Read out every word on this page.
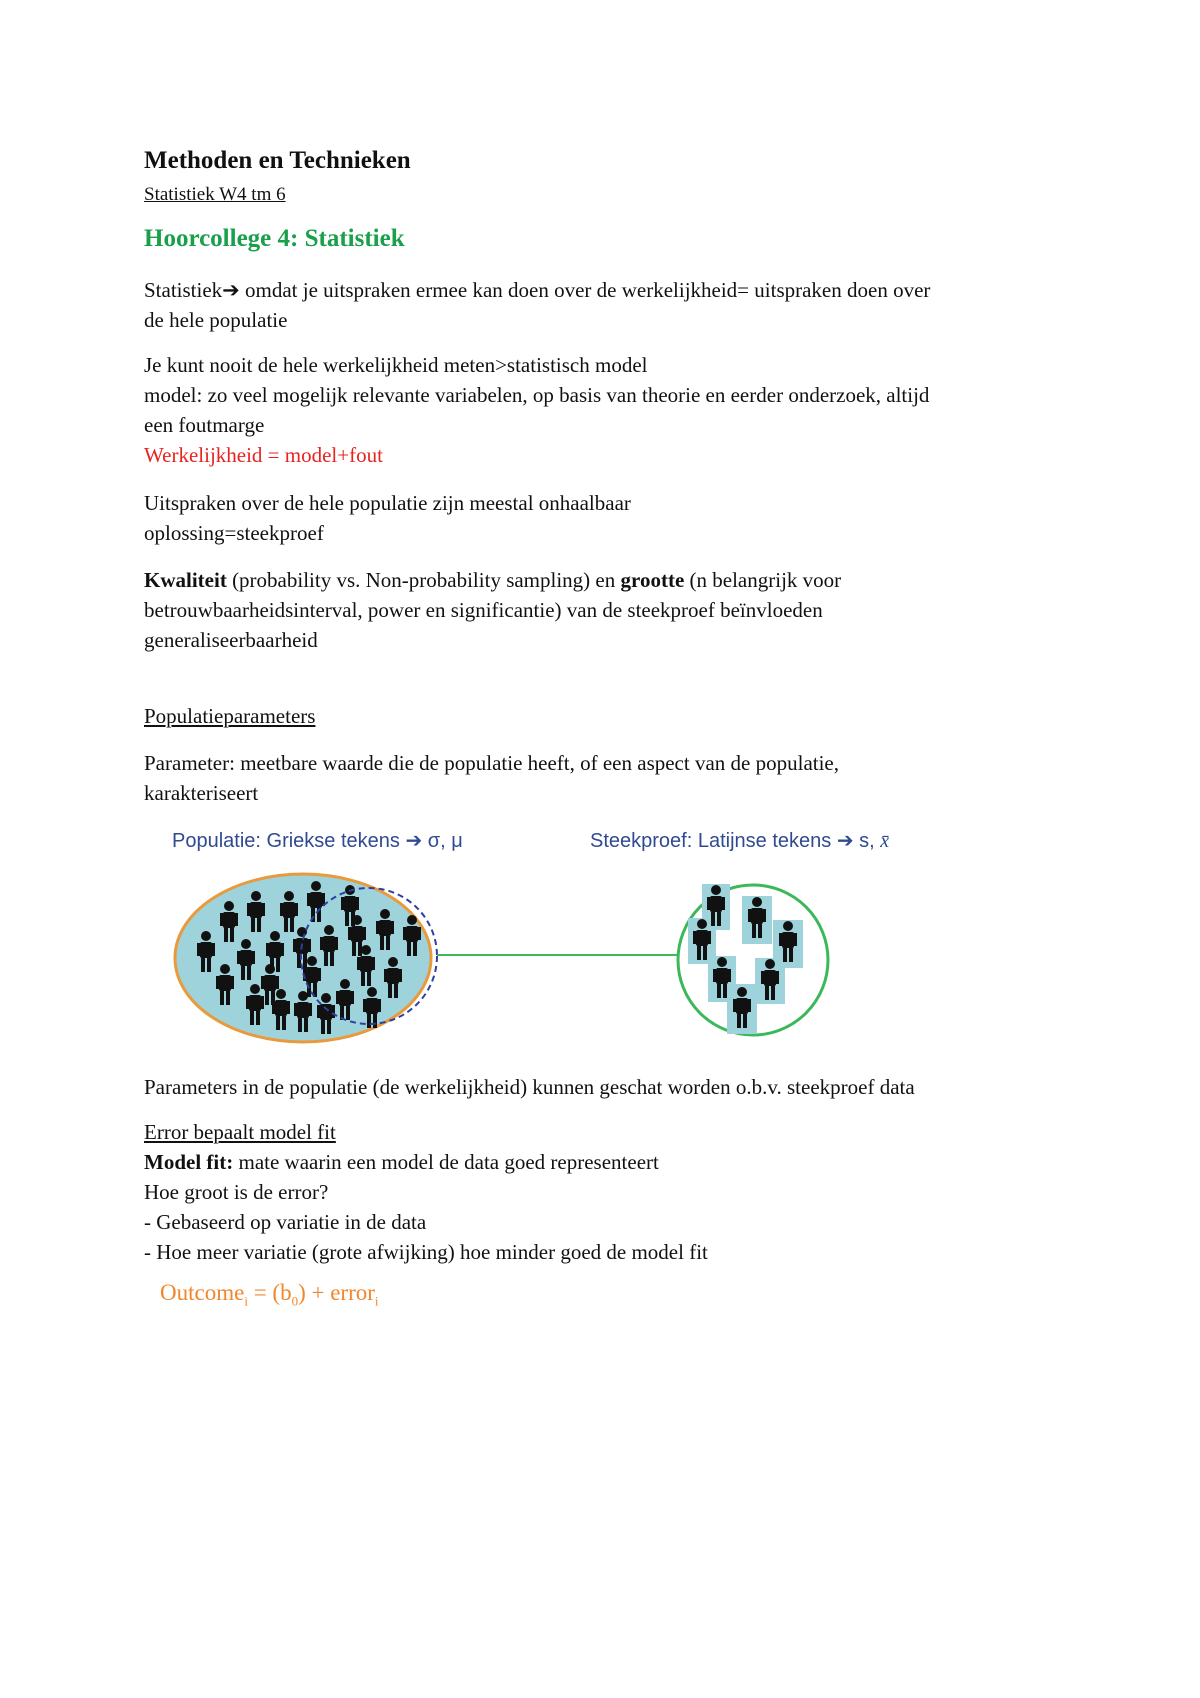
Methoden en Technieken
Statistiek W4 tm 6
Hoorcollege 4: Statistiek
Statistiek➔ omdat je uitspraken ermee kan doen over de werkelijkheid= uitspraken doen over
de hele populatie
Je kunt nooit de hele werkelijkheid meten>statistisch model
model: zo veel mogelijk relevante variabelen, op basis van theorie en eerder onderzoek, altijd
een foutmarge
Werkelijkheid = model+fout
Uitspraken over de hele populatie zijn meestal onhaalbaar
oplossing=steekproef
Kwaliteit (probability vs. Non-probability sampling) en grootte (n belangrijk voor
betrouwbaarheidsinterval, power en significantie) van de steekproef beïnvloeden
generaliseerbaarheid
Populatieparameters
Parameter: meetbare waarde die de populatie heeft, of een aspect van de populatie,
karakteriseert
Populatie: Griekse tekens ➔ σ, μ	Steekproef: Latijnse tekens ➔ s, x̄
Parameters in de populatie (de werkelijkheid) kunnen geschat worden o.b.v. steekproef data
Error bepaalt model fit
Model fit: mate waarin een model de data goed representeert
Hoe groot is de error?
- Gebaseerd op variatie in de data
- Hoe meer variatie (grote afwijking) hoe minder goed de model fit
Outcome$_i$ = $(b_0)$ + error$_i$
